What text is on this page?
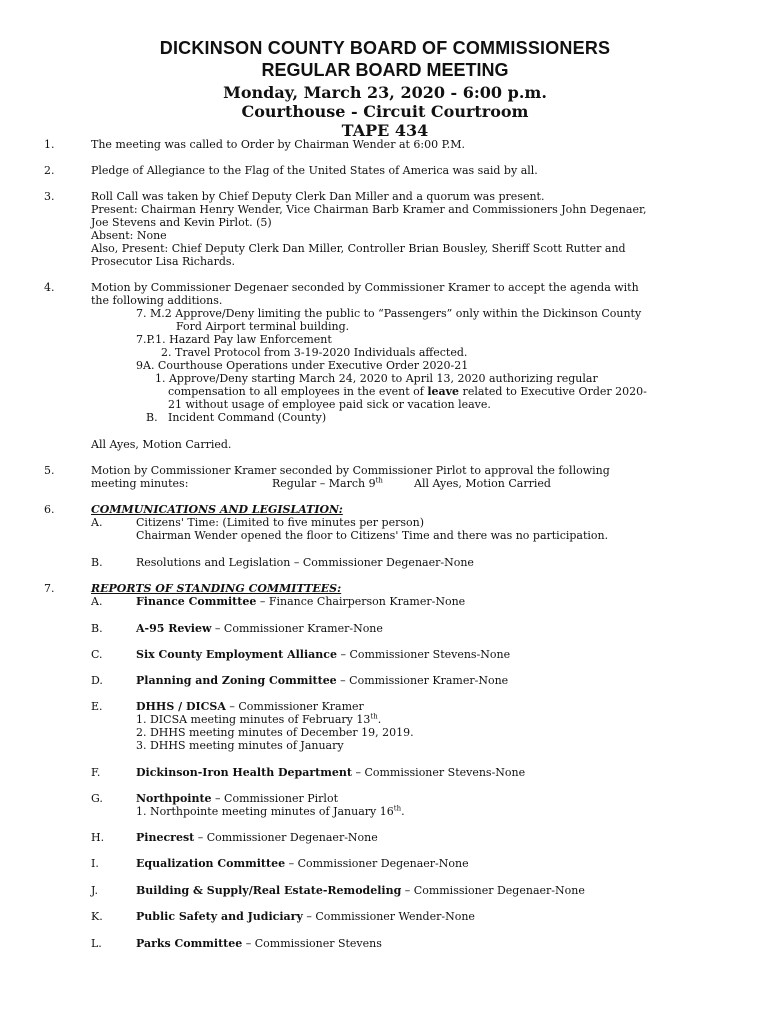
DICKINSON COUNTY BOARD OF COMMISSIONERS
REGULAR BOARD MEETING
Monday, March 23, 2020 - 6:00 p.m.
Courthouse - Circuit Courtroom
TAPE 434
1.	The meeting was called to Order by Chairman Wender at 6:00 P.M.
2.	Pledge of Allegiance to the Flag of the United States of America was said by all.
3.	Roll Call was taken by Chief Deputy Clerk Dan Miller and a quorum was present.
Present: Chairman Henry Wender, Vice Chairman Barb Kramer and Commissioners John Degenaer,
Joe Stevens and Kevin Pirlot. (5)
Absent: None
Also, Present: Chief Deputy Clerk Dan Miller, Controller Brian Bousley, Sheriff Scott Rutter and
Prosecutor Lisa Richards.
4.	Motion by Commissioner Degenaer seconded by Commissioner Kramer to accept the agenda with
the following additions.
7. M.2 Approve/Deny limiting the public to “Passengers” only within the Dickinson County
Ford Airport terminal building.
7.P.1. Hazard Pay law Enforcement
2. Travel Protocol from 3-19-2020 Individuals affected.
9A. Courthouse Operations under Executive Order 2020-21
1. Approve/Deny starting March 24, 2020 to April 13, 2020 authorizing regular
compensation to all employees in the event of leave related to Executive Order 2020-
21 without usage of employee paid sick or vacation leave.
B. Incident Command (County)
All Ayes, Motion Carried.
5.	Motion by Commissioner Kramer seconded by Commissioner Pirlot to approval the following
meeting minutes:	Regular – March 9th	All Ayes, Motion Carried
6.	COMMUNICATIONS AND LEGISLATION:
A.	Citizens' Time: (Limited to five minutes per person)
Chairman Wender opened the floor to Citizens' Time and there was no participation.
B.	Resolutions and Legislation – Commissioner Degenaer-None
7.	REPORTS OF STANDING COMMITTEES:
A.	Finance Committee – Finance Chairperson Kramer-None
B.	A-95 Review – Commissioner Kramer-None
C.	Six County Employment Alliance – Commissioner Stevens-None
D.	Planning and Zoning Committee – Commissioner Kramer-None
E.	DHHS / DICSA – Commissioner Kramer
1. DICSA meeting minutes of February 13th.
2. DHHS meeting minutes of December 19, 2019.
3. DHHS meeting minutes of January
F.	Dickinson-Iron Health Department – Commissioner Stevens-None
G.	Northpointe – Commissioner Pirlot
1. Northpointe meeting minutes of January 16th.
H.	Pinecrest – Commissioner Degenaer-None
I.	Equalization Committee – Commissioner Degenaer-None
J.	Building & Supply/Real Estate-Remodeling – Commissioner Degenaer-None
K.	Public Safety and Judiciary – Commissioner Wender-None
L.	Parks Committee – Commissioner Stevens
